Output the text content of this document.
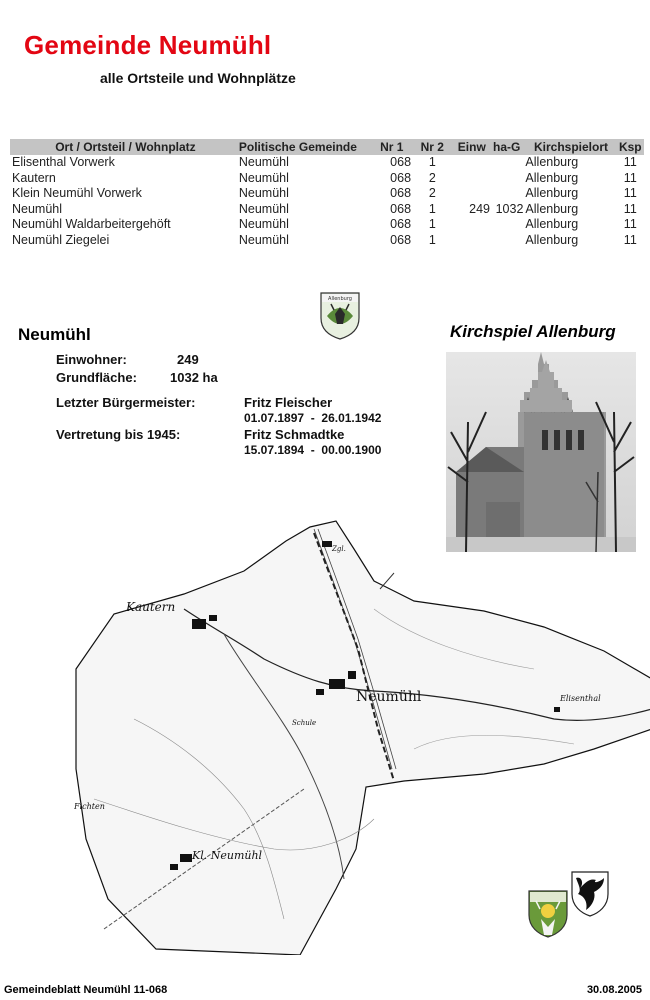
Gemeinde Neumühl
alle Ortsteile und Wohnplätze
Ort / Ortsteil / Wohnplatz	Politische Gemeinde	Nr 1	Nr 2	Einw	ha-G	Kirchspielort	Ksp
Elisenthal Vorwerk	Neumühl	068	1			Allenburg	11
Kautern	Neumühl	068	2			Allenburg	11
Klein Neumühl Vorwerk	Neumühl	068	2			Allenburg	11
Neumühl	Neumühl	068	1	249	1032	Allenburg	11
Neumühl Waldarbeitergehöft	Neumühl	068	1			Allenburg	11
Neumühl Ziegelei	Neumühl	068	1			Allenburg	11
Allenburg
Neumühl	Kirchspiel Allenburg
Einwohner:	249
Grundfläche:	1032 ha
Letzter Bürgermeister:	Fritz Fleischer
01.07.1897  -  26.01.1942
Vertretung bis 1945:	Fritz Schmadtke
15.07.1894  -  00.00.1900
Kautern
Neumühl	Elisenthal
Kl. Neumühl
Fichten
Schule
Zgl.
Gemeindeblatt Neumühl 11-068	30.08.2005
